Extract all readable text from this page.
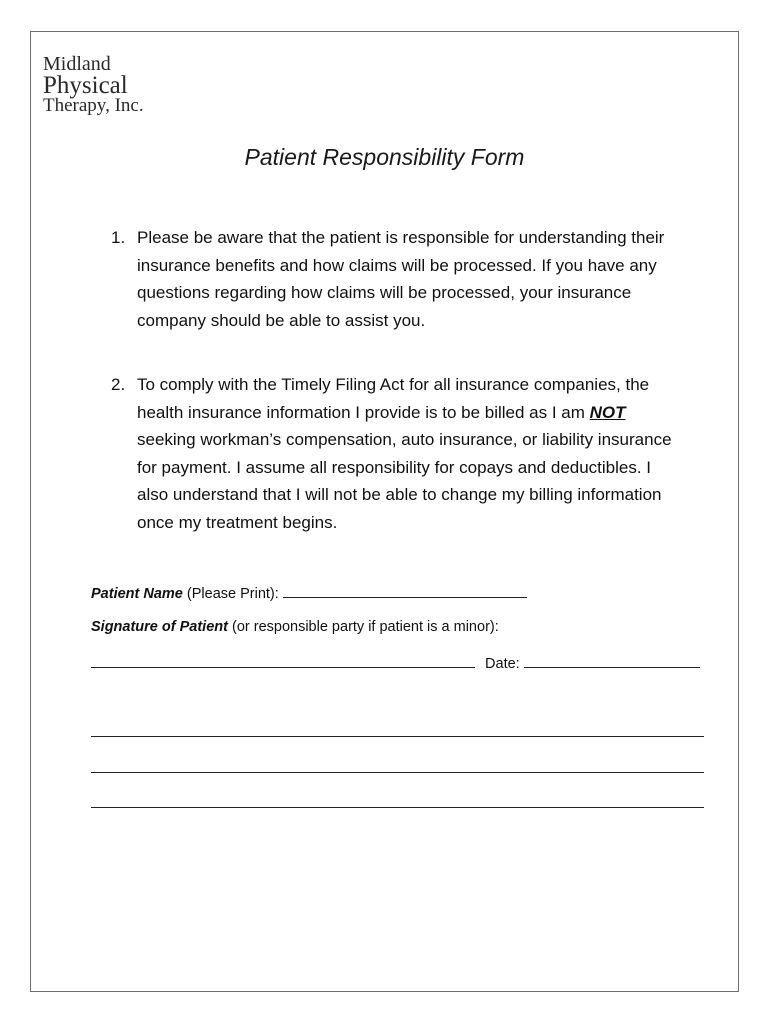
Midland
Physical
Therapy, Inc.
Patient Responsibility Form
1. Please be aware that the patient is responsible for understanding their insurance benefits and how claims will be processed. If you have any questions regarding how claims will be processed, your insurance company should be able to assist you.
2. To comply with the Timely Filing Act for all insurance companies, the health insurance information I provide is to be billed as I am NOT seeking workman’s compensation, auto insurance, or liability insurance for payment. I assume all responsibility for copays and deductibles. I also understand that I will not be able to change my billing information once my treatment begins.
Patient Name (Please Print):
Signature of Patient (or responsible party if patient is a minor):
Date:
